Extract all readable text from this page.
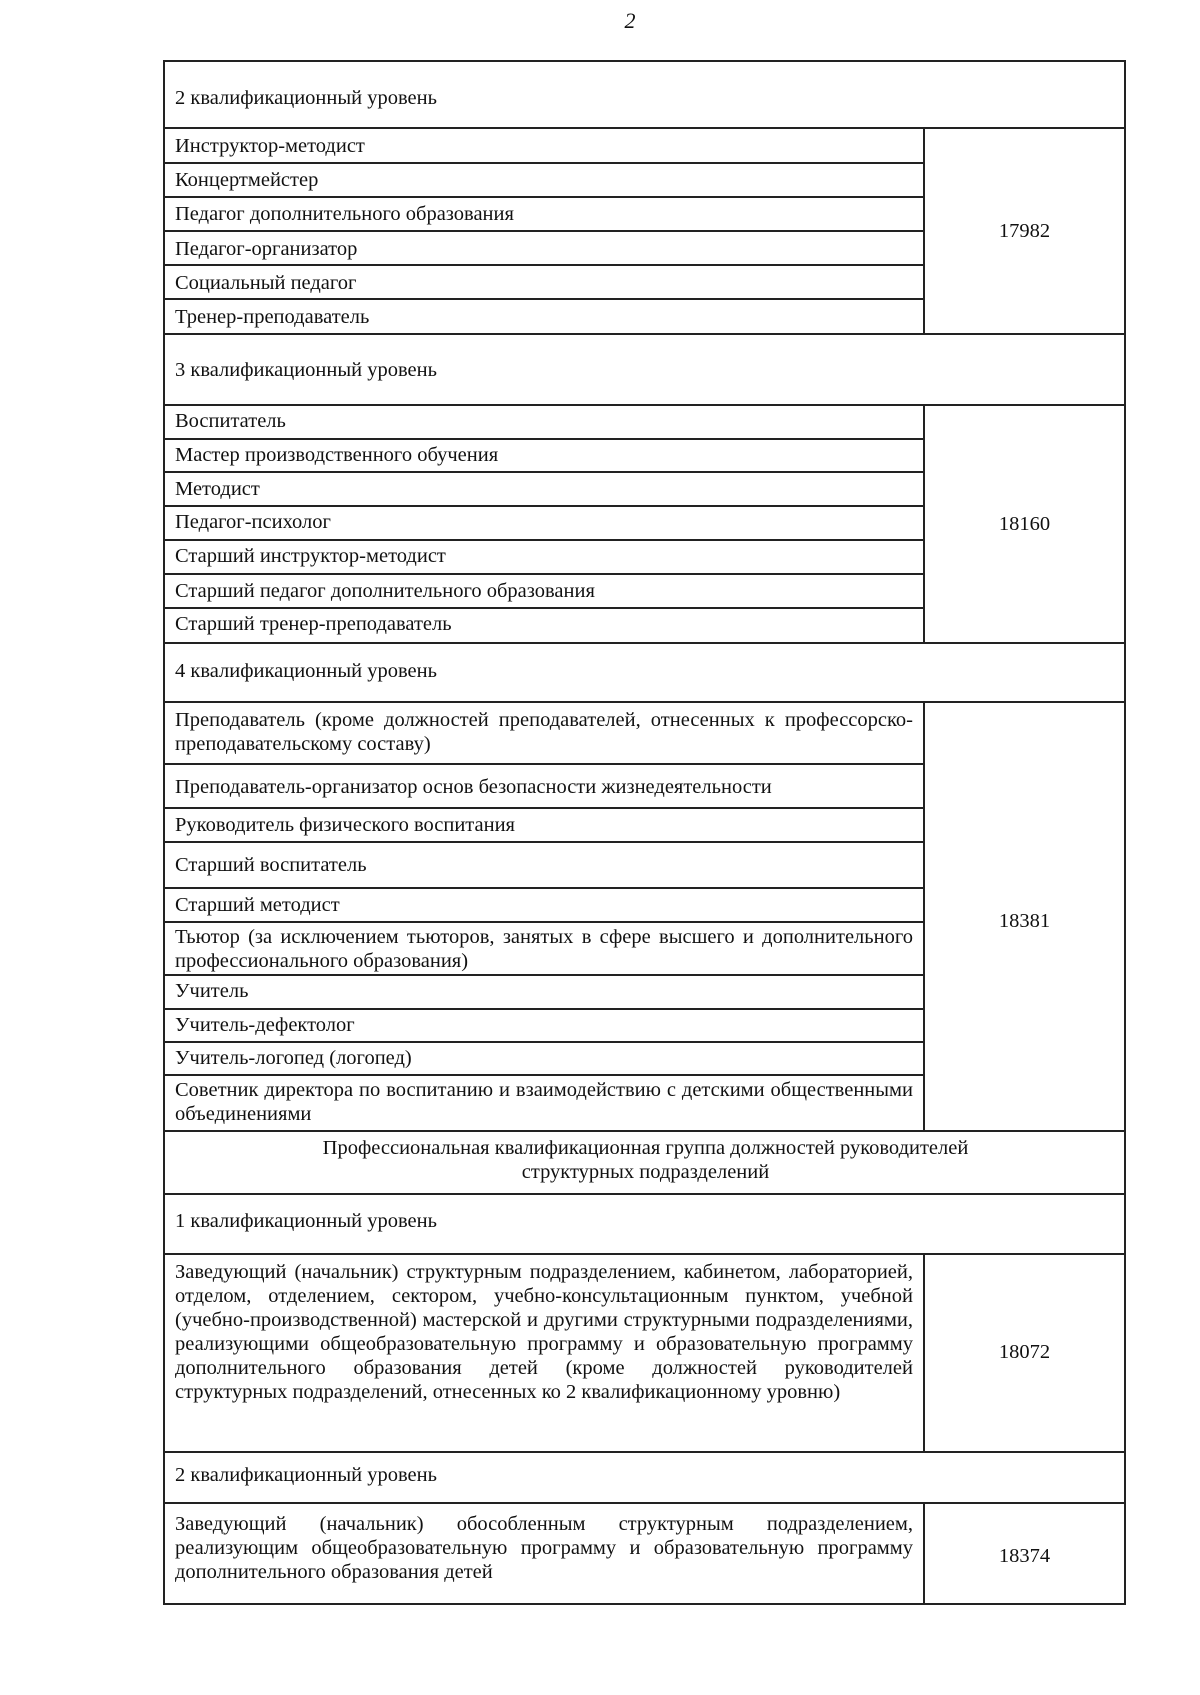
2
2 квалификационный уровень
Инструктор-методист
Концертмейстер
Педагог дополнительного образования
Педагог-организатор
Социальный педагог
Тренер-преподаватель
17982
3 квалификационный уровень
Воспитатель
Мастер производственного обучения
Методист
Педагог-психолог
Старший инструктор-методист
Старший педагог дополнительного образования
Старший тренер-преподаватель
18160
4 квалификационный уровень
Преподаватель (кроме должностей преподавателей, отнесенных к профессорско-преподавательскому составу)
Преподаватель-организатор основ безопасности жизнедеятельности
Руководитель физического воспитания
Старший воспитатель
Старший методист
Тьютор (за исключением тьюторов, занятых в сфере высшего и дополнительного профессионального образования)
Учитель
Учитель-дефектолог
Учитель-логопед (логопед)
Советник директора по воспитанию и взаимодействию с детскими общественными объединениями
18381
Профессиональная квалификационная группа должностей руководителей структурных подразделений
1 квалификационный уровень
Заведующий (начальник) структурным подразделением, кабинетом, лабораторией, отделом, отделением, сектором, учебно-консультационным пунктом, учебной (учебно-производственной) мастерской и другими структурными подразделениями, реализующими общеобразовательную программу и образовательную программу дополнительного образования детей (кроме должностей руководителей структурных подразделений, отнесенных ко 2 квалификационному уровню)
18072
2 квалификационный уровень
Заведующий (начальник) обособленным структурным подразделением, реализующим общеобразовательную программу и образовательную программу дополнительного образования детей
18374
